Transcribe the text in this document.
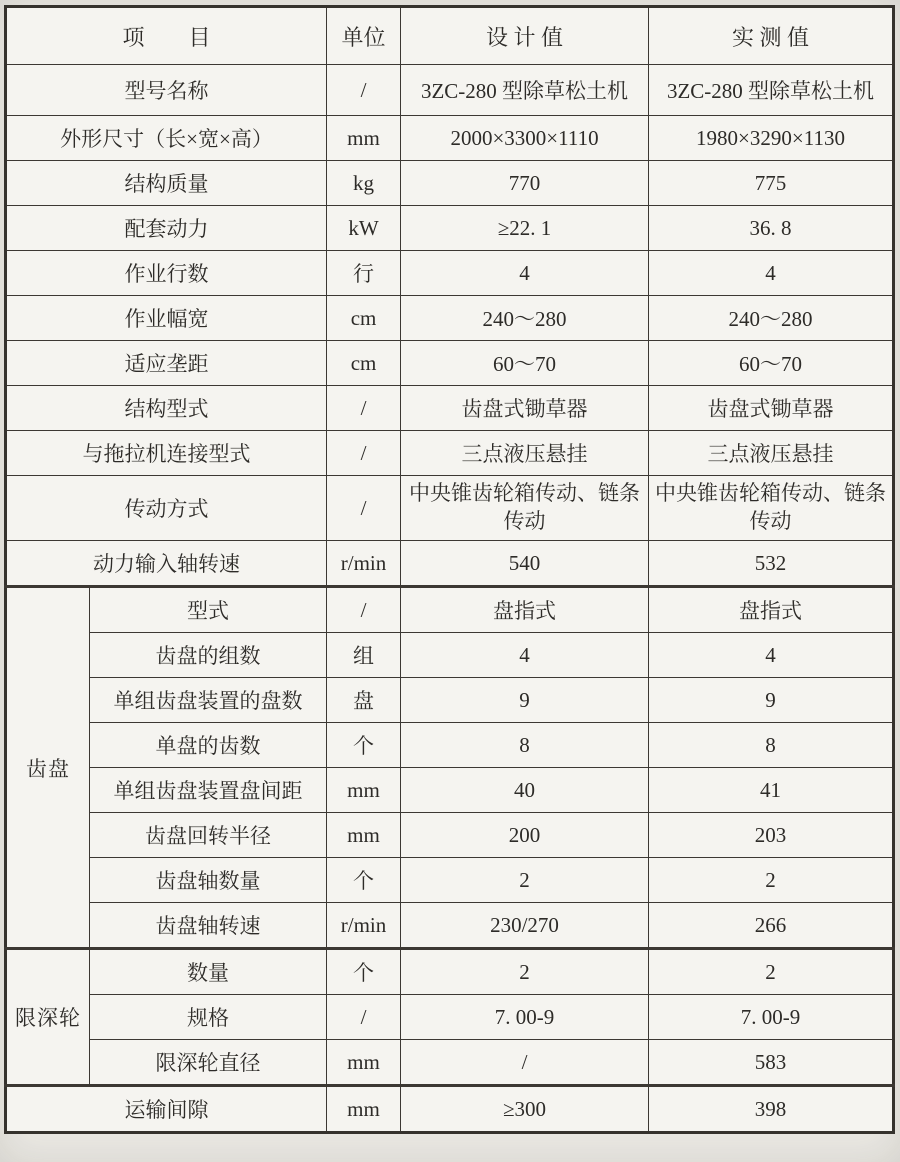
项　　目		单位	设 计 值	实 测 值
型号名称		/	3ZC-280 型除草松土机	3ZC-280 型除草松土机
外形尺寸（长×宽×高）		mm	2000×3300×1110	1980×3290×1130
结构质量		kg	770	775
配套动力		kW	≥22. 1	36. 8
作业行数		行	4	4
作业幅宽		cm	240～280	240～280
适应垄距		cm	60～70	60～70
结构型式		/	齿盘式锄草器	齿盘式锄草器
与拖拉机连接型式		/	三点液压悬挂	三点液压悬挂
传动方式		/	中央锥齿轮箱传动、链条传动	中央锥齿轮箱传动、链条传动
动力输入轴转速		r/min	540	532
齿盘	型式	/	盘指式	盘指式
	齿盘的组数	组	4	4
	单组齿盘装置的盘数	盘	9	9
	单盘的齿数	个	8	8
	单组齿盘装置盘间距	mm	40	41
	齿盘回转半径	mm	200	203
	齿盘轴数量	个	2	2
	齿盘轴转速	r/min	230/270	266
限深轮	数量	个	2	2
	规格	/	7. 00-9	7. 00-9
	限深轮直径	mm	/	583
运输间隙		mm	≥300	398
